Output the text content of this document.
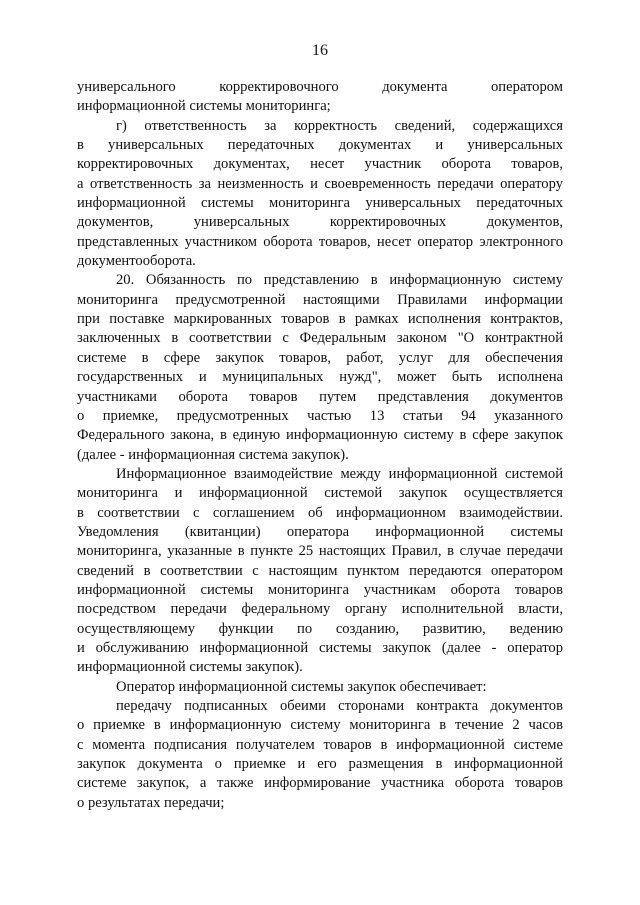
16
универсального корректировочного документа оператором
информационной системы мониторинга;
г) ответственность за корректность сведений, содержащихся
в универсальных передаточных документах и универсальных
корректировочных документах, несет участник оборота товаров,
а ответственность за неизменность и своевременность передачи оператору
информационной системы мониторинга универсальных передаточных
документов, универсальных корректировочных документов,
представленных участником оборота товаров, несет оператор электронного
документооборота.
20. Обязанность по представлению в информационную систему
мониторинга предусмотренной настоящими Правилами информации
при поставке маркированных товаров в рамках исполнения контрактов,
заключенных в соответствии с Федеральным законом "О контрактной
системе в сфере закупок товаров, работ, услуг для обеспечения
государственных и муниципальных нужд", может быть исполнена
участниками оборота товаров путем представления документов
о приемке, предусмотренных частью 13 статьи 94 указанного
Федерального закона, в единую информационную систему в сфере закупок
(далее - информационная система закупок).
Информационное взаимодействие между информационной системой
мониторинга и информационной системой закупок осуществляется
в соответствии с соглашением об информационном взаимодействии.
Уведомления (квитанции) оператора информационной системы
мониторинга, указанные в пункте 25 настоящих Правил, в случае передачи
сведений в соответствии с настоящим пунктом передаются оператором
информационной системы мониторинга участникам оборота товаров
посредством передачи федеральному органу исполнительной власти,
осуществляющему функции по созданию, развитию, ведению
и обслуживанию информационной системы закупок (далее - оператор
информационной системы закупок).
Оператор информационной системы закупок обеспечивает:
передачу подписанных обеими сторонами контракта документов
о приемке в информационную систему мониторинга в течение 2 часов
с момента подписания получателем товаров в информационной системе
закупок документа о приемке и его размещения в информационной
системе закупок, а также информирование участника оборота товаров
о результатах передачи;
